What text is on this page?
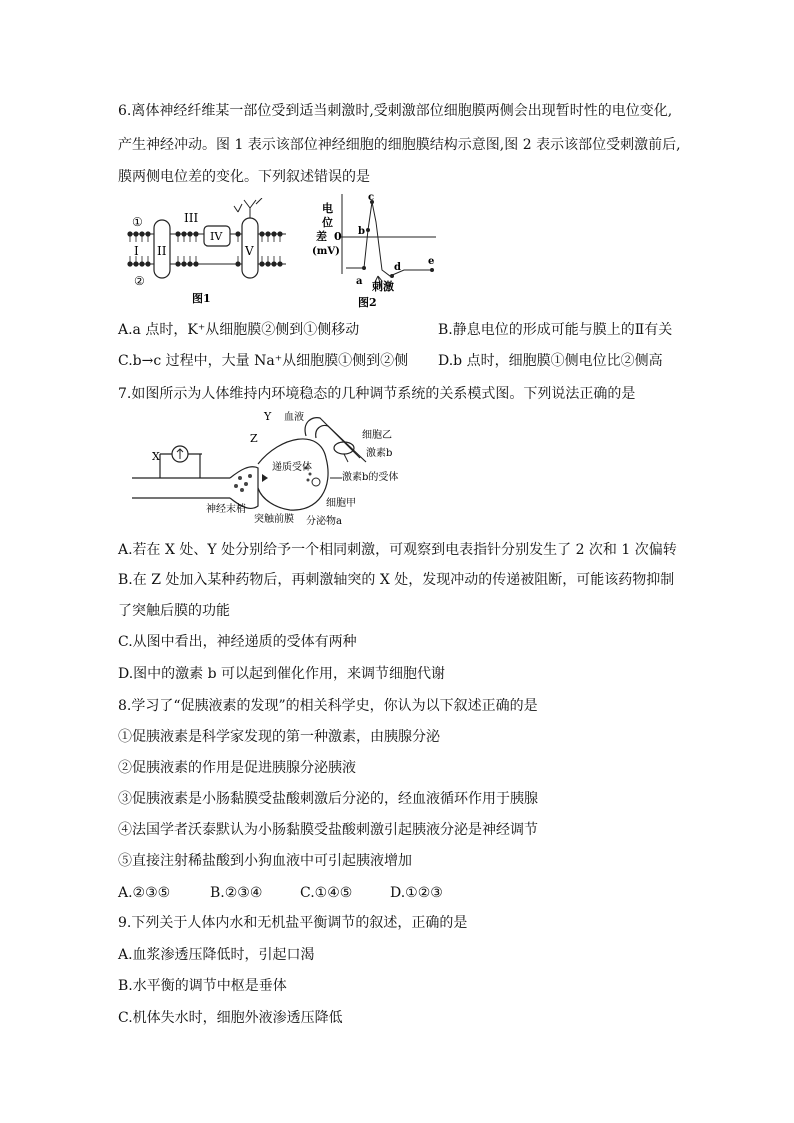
6.离体神经纤维某一部位受到适当刺激时,受刺激部位细胞膜两侧会出现暂时性的电位变化,
产生神经冲动。图 1 表示该部位神经细胞的细胞膜结构示意图,图 2 表示该部位受刺激前后,
膜两侧电位差的变化。下列叙述错误的是
①
I II
III
IV
V
②
图1
电
位
差 0
(mV)
a
b
c
d
e
刺激
图2
A.a 点时，K⁺从细胞膜②侧到①侧移动	B.静息电位的形成可能与膜上的Ⅱ有关
C.b→c 过程中，大量 Na⁺从细胞膜①侧到②侧 D.b 点时，细胞膜①侧电位比②侧高
7.如图所示为人体维持内环境稳态的几种调节系统的关系模式图。下列说法正确的是
X
Y
Z
血液
细胞乙
激素b
递质受体
激素b的受体
细胞甲
神经末梢
突触前膜 分泌物a
A.若在 X 处、Y 处分别给予一个相同刺激，可观察到电表指针分别发生了 2 次和 1 次偏转
B.在 Z 处加入某种药物后，再刺激轴突的 X 处，发现冲动的传递被阻断，可能该药物抑制
了突触后膜的功能
C.从图中看出，神经递质的受体有两种
D.图中的激素 b 可以起到催化作用，来调节细胞代谢
8.学习了“促胰液素的发现”的相关科学史，你认为以下叙述正确的是
①促胰液素是科学家发现的第一种激素，由胰腺分泌
②促胰液素的作用是促进胰腺分泌胰液
③促胰液素是小肠黏膜受盐酸刺激后分泌的，经血液循环作用于胰腺
④法国学者沃泰默认为小肠黏膜受盐酸刺激引起胰液分泌是神经调节
⑤直接注射稀盐酸到小狗血液中可引起胰液增加
A.②③⑤	B.②③④	C.①④⑤	D.①②③
9.下列关于人体内水和无机盐平衡调节的叙述，正确的是
A.血浆渗透压降低时，引起口渴
B.水平衡的调节中枢是垂体
C.机体失水时，细胞外液渗透压降低
